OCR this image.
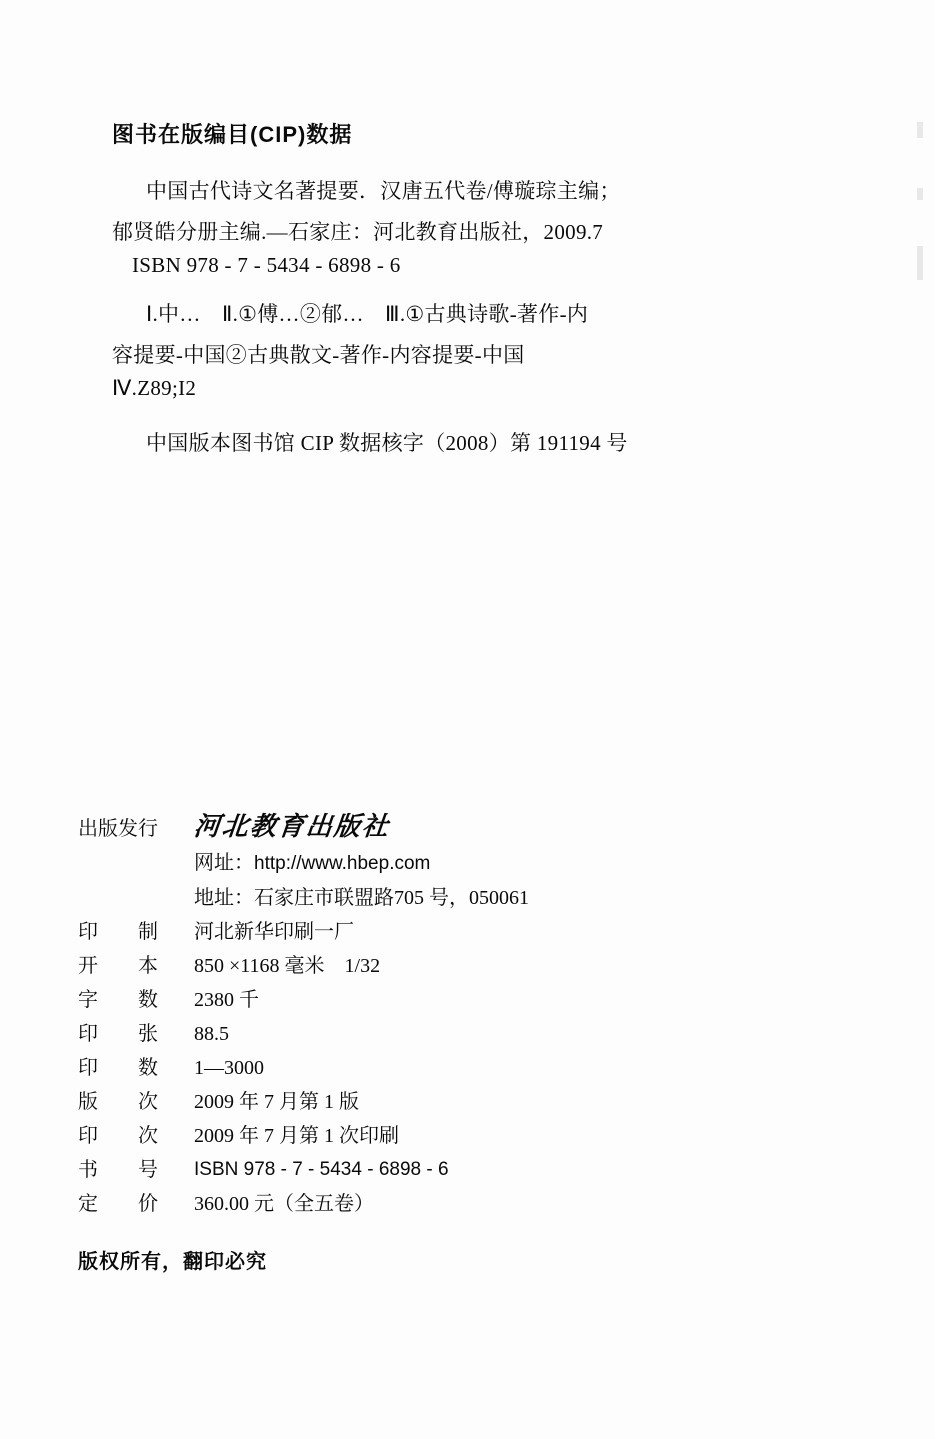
图书在版编目(CIP)数据

中国古代诗文名著提要．汉唐五代卷/傅璇琮主编；

郁贤皓分册主编.—石家庄：河北教育出版社，2009.7

ISBN 978 - 7 - 5434 - 6898 - 6

Ⅰ.中…　Ⅱ.①傅…②郁…　Ⅲ.①古典诗歌-著作-内

容提要-中国②古典散文-著作-内容提要-中国

Ⅳ.Z89;I2

中国版本图书馆 CIP 数据核字（2008）第 191194 号

出版发行	河北教育出版社
网址：http://www.hbep.com
地址：石家庄市联盟路705 号，050061
印　　制	河北新华印刷一厂
开　　本	850 ×1168 毫米　1/32
字　　数	2380 千
印　　张	88.5
印　　数	1—3000
版　　次	2009 年 7 月第 1 版
印　　次	2009 年 7 月第 1 次印刷
书　　号	ISBN 978 - 7 - 5434 - 6898 - 6
定　　价	360.00 元（全五卷）
版权所有，翻印必究
